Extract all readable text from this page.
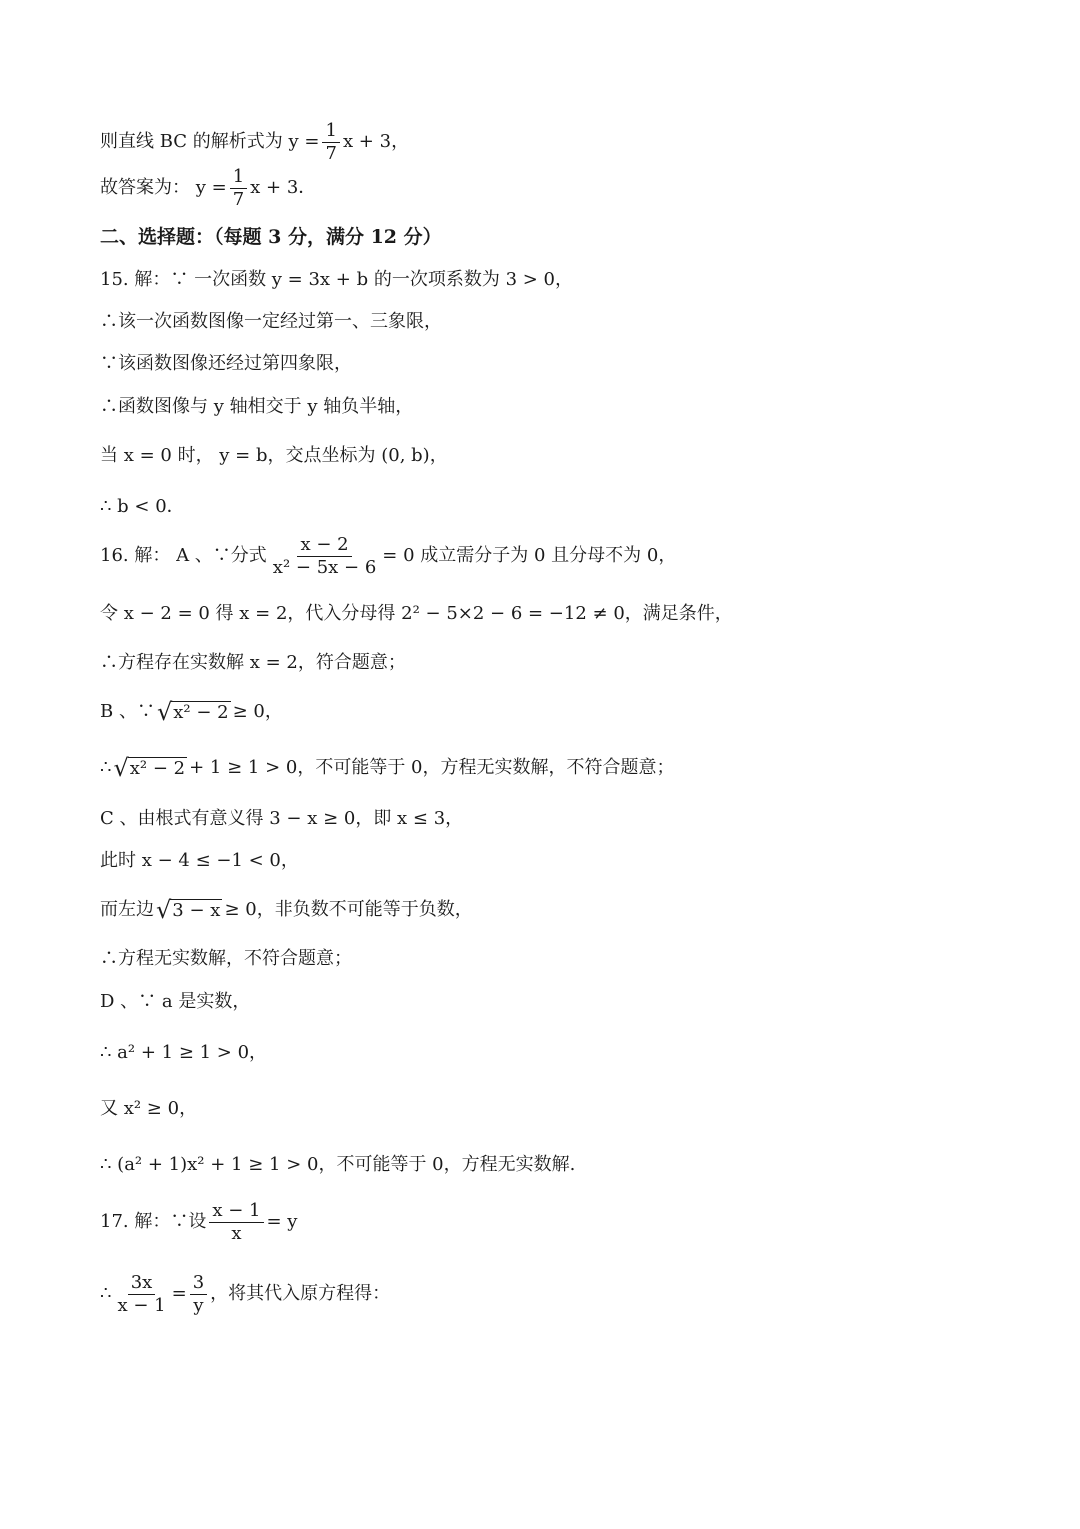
则直线 BC 的解析式为 $y = \frac{1}{7}$ x + 3，
故答案为： $y = \frac{1}{7}$ x + 3．
二、选择题：（每题 3 分，满分 12 分）
15. 解：∵ 一次函数 y = 3x + b 的一次项系数为 3 > 0，
∴该一次函数图像一定经过第一、三象限，
∵该函数图像还经过第四象限，
∴函数图像与 y 轴相交于 y 轴负半轴，
当 x = 0 时， y = b，交点坐标为 (0, b)，
∴ b < 0．
16. 解： A 、∵分式 $\frac{x - 2}{\text{x² − 5x − 6}} = 0$ 成立需分子为 0 且分母不为 0，
令 x − 2 = 0 得 x = 2，代入分母得 2² − 5×2 − 6 = −12 ≠ 0，满足条件，
∴方程存在实数解 x = 2，符合题意；
B 、∵ √ x² − 2 ≥ 0，
∴ √ x² − 2 + 1 ≥ 1 > 0，不可能等于 0，方程无实数解，不符合题意；
C 、由根式有意义得 3 − x ≥ 0，即 x ≤ 3，
此时 x − 4 ≤ −1 < 0，
而左边 √ 3 − x ≥ 0，非负数不可能等于负数，
∴方程无实数解，不符合题意；
D 、∵ a 是实数，
∴ a² + 1 ≥ 1 > 0，
又 x² ≥ 0，
∴ (a² + 1)x² + 1 ≥ 1 > 0，不可能等于 0，方程无实数解.
17. 解：∵设 $\frac{x - 1}{x} = y$
∴ $\frac{3x}{x - 1} = \frac{3}{y}$ ，将其代入原方程得：
